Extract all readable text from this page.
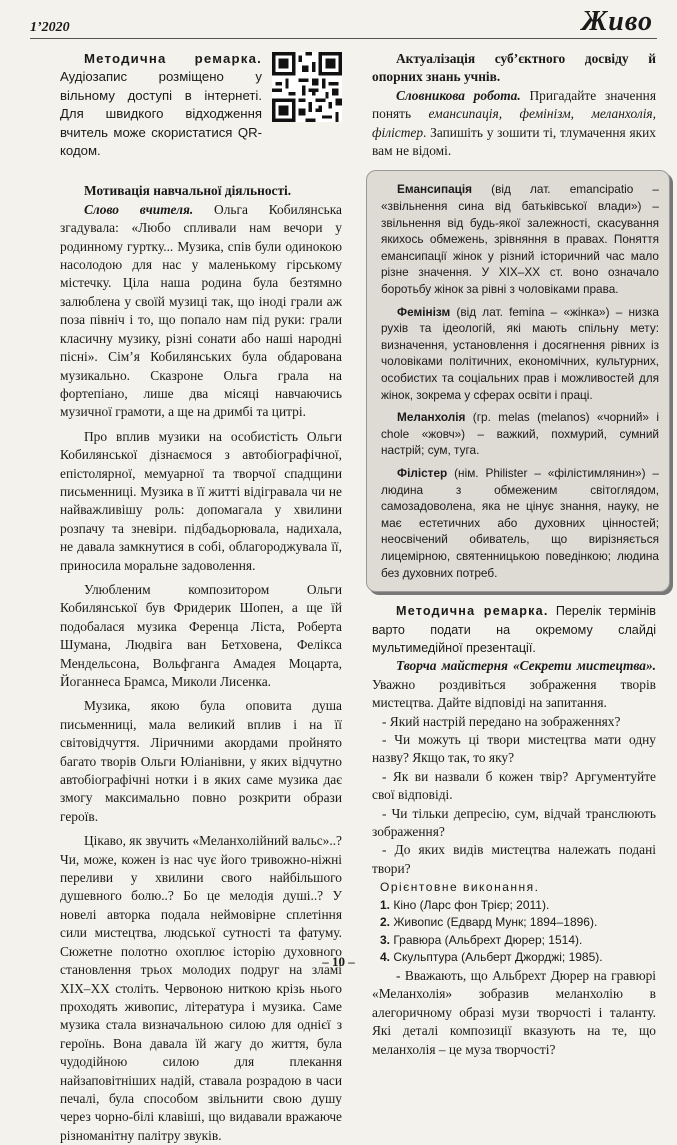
1’2020	Живо

Методична ремарка. Аудіозапис розміщено у вільному доступі в інтернеті. Для швидкого відходження вчитель може скористатися QR-кодом.

Мотивація навчальної діяльності.

Слово вчителя. Ольга Кобилянська згадувала: «Любо спливали нам вечори у родинному гуртку... Музика, спів були одинокою насолодою для нас у маленькому гірському містечку. Ціла наша родина була безтямно залюблена у своїй музиці так, що іноді грали аж поза північ і то, що попало нам під руки: грали класичну музику, різні сонати або наші народні пісні». Сім’я Кобилянських була обдарована музикально. Сказроне Ольга грала на фортепіано, лише два місяці навчаючись музичної грамоти, а ще на дримбі та цитрі.

Про вплив музики на особистість Ольги Кобилянської дізнаємося з автобіографічної, епістолярної, мемуарної та творчої спадщини письменниці. Музика в її житті відігравала чи не найважливішу роль: допомагала у хвилини розпачу та зневіри. підбадьорювала, надихала, не давала замкнутися в собі, облагороджувала її, приносила моральне задоволення.

Улюбленим композитором Ольги Кобилянської був Фридерик Шопен, а ще їй подобалася музика Ференца Ліста, Роберта Шумана, Людвіга ван Бетховена, Фелікса Мендельсона, Вольфганга Амадея Моцарта, Йоганнеса Брамса, Миколи Лисенка.

Музика, якою була оповита душа письменниці, мала великий вплив і на її світовідчуття. Ліричними акордами пройнято багато творів Ольги Юліанівни, у яких відчутно автобіографічні нотки і в яких саме музика дає змогу максимально повно розкрити образи героїв.

Цікаво, як звучить «Меланхолійний вальс»..? Чи, може, кожен із нас чує його тривожно-ніжні переливи у хвилини свого найбільшого душевного болю..? Бо це мелодія душі..? У новелі авторка подала неймовірне сплетіння сили мистецтва, людської сутності та фатуму. Сюжетне полотно охоплює історію духовного становлення трьох молодих подруг на зламі XIX–XX століть. Червоною ниткою крізь нього проходять живопис, література і музика. Саме музика стала визначальною силою для однієї з героїнь. Вона давала їй жагу до життя, була чудодійною силою для плекання найзаповітніших надій, ставала розрадою в часи печалі, була способом звільнити свою душу через чорно-білі клавіші, що видавали вражаюче різноманітну палітру звуків.

Актуалізація суб’єктного досвіду й опорних знань учнів.

Словникова робота. Пригадайте значення понять емансипація, фемінізм, меланхолія, філістер. Запишіть у зошити ті, тлумачення яких вам не відомі.

Емансипація (від лат. emancipatio – «звільнення сина від батьківської влади») – звільнення від будь-якої залежності, скасування якихось обмежень, зрівняння в правах. Поняття емансипації жінок у різний історичний час мало різне значення. У XIX–XX ст. воно означало боротьбу жінок за рівні з чоловіками права.

Фемінізм (від лат. femina – «жінка») – низка рухів та ідеологій, які мають спільну мету: визначення, установлення і досягнення рівних із чоловіками політичних, економічних, культурних, особистих та соціальних прав і можливостей для жінок, зокрема у сферах освіти і праці.

Меланхолія (гр. melas (melanos) «чорний» і chole «жовч») – важкий, похмурий, сумний настрій; сум, туга.

Філістер (нім. Philister – «філістимлянин») – людина з обмеженим світоглядом, самозадоволена, яка не цінує знання, науку, не має естетичних або духовних цінностей; неосвічений обиватель, що вирізняється лицемірною, святенницькою поведінкою; людина без духовних потреб.

Методична ремарка. Перелік термінів варто подати на окремому слайді мультимедійної презентації.

Творча майстерня «Секрети мистецтва». Уважно роздивіться зображення творів мистецтва. Дайте відповіді на запитання.

- Який настрій передано на зображеннях?

- Чи можуть ці твори мистецтва мати одну назву? Якщо так, то яку?

- Як ви назвали б кожен твір? Аргументуйте свої відповіді.

- Чи тільки депресію, сум, відчай транслюють зображення?

- До яких видів мистецтва належать подані твори?

Орієнтовне виконання.

1. Кіно (Ларс фон Трієр; 2011).

2. Живопис (Едвард Мунк; 1894–1896).

3. Гравюра (Альбрехт Дюрер; 1514).

4. Скульптура (Альберт Джорджі; 1985).

- Вважають, що Альбрехт Дюрер на гравюрі «Меланхолія» зобразив меланхолію в алегоричному образі музи творчості і таланту. Які деталі композиції вказують на те, що меланхолія – це муза творчості?

– 10 –
